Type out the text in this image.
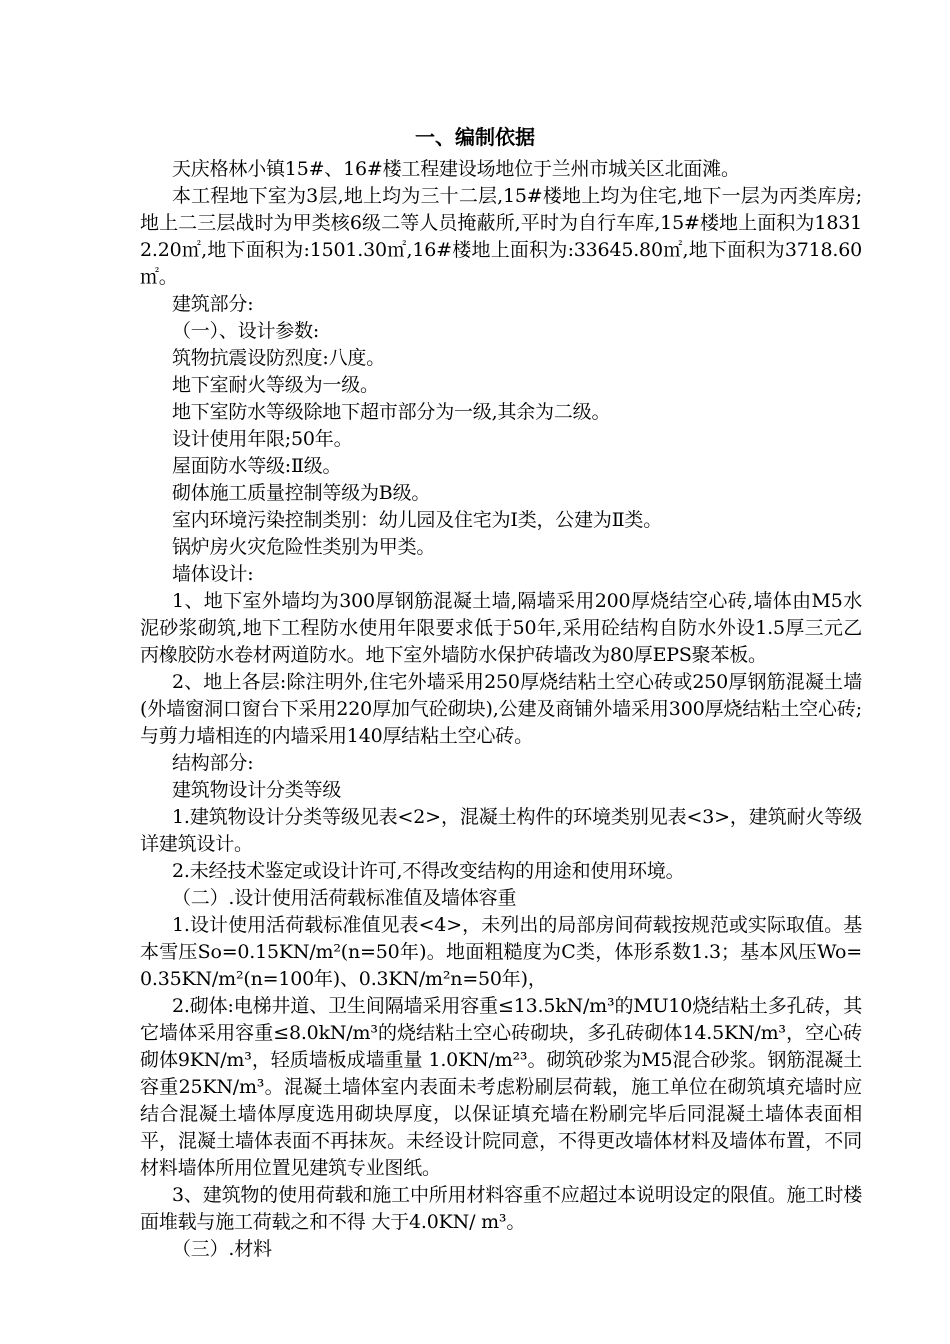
一、编制依据

天庆格林小镇15#、16#楼工程建设场地位于兰州市城关区北面滩。

本工程地下室为3层,地上均为三十二层,15#楼地上均为住宅,地下一层为丙类库房;地上二三层战时为甲类核6级二等人员掩蔽所,平时为自行车库,15#楼地上面积为18312.20㎡,地下面积为:1501.30㎡,16#楼地上面积为:33645.80㎡,地下面积为3718.60㎡。

建筑部分:

（一）、设计参数:

筑物抗震设防烈度:八度。

地下室耐火等级为一级。

地下室防水等级除地下超市部分为一级,其余为二级。

设计使用年限;50年。

屋面防水等级:Ⅱ级。

砌体施工质量控制等级为B级。

室内环境污染控制类别：幼儿园及住宅为Ⅰ类，公建为Ⅱ类。

锅炉房火灾危险性类别为甲类。

墙体设计:

1、地下室外墙均为300厚钢筋混凝土墙,隔墙采用200厚烧结空心砖,墙体由M5水泥砂浆砌筑,地下工程防水使用年限要求低于50年,采用砼结构自防水外设1.5厚三元乙丙橡胶防水卷材两道防水。地下室外墙防水保护砖墙改为80厚EPS聚苯板。

2、地上各层:除注明外,住宅外墙采用250厚烧结粘土空心砖或250厚钢筋混凝土墙(外墙窗洞口窗台下采用220厚加气砼砌块),公建及商铺外墙采用300厚烧结粘土空心砖;与剪力墙相连的内墙采用140厚结粘土空心砖。

结构部分:

建筑物设计分类等级

1.建筑物设计分类等级见表<2>，混凝土构件的环境类别见表<3>，建筑耐火等级详建筑设计。

2.未经技术鉴定或设计许可,不得改变结构的用途和使用环境。

（二）.设计使用活荷载标准值及墙体容重

1.设计使用活荷载标准值见表<4>，未列出的局部房间荷载按规范或实际取值。基本雪压So=0.15KN/m²(n=50年)。地面粗糙度为C类，体形系数1.3；基本风压Wo=0.35KN/m²(n=100年)、0.3KN/m²n=50年)，

2.砌体:电梯井道、卫生间隔墙采用容重≤13.5kN/m³的MU10烧结粘土多孔砖，其它墙体采用容重≤8.0kN/m³的烧结粘土空心砖砌块，多孔砖砌体14.5KN/m³，空心砖砌体9KN/m³，轻质墙板成墙重量 1.0KN/m²³。砌筑砂浆为M5混合砂浆。钢筋混凝土容重25KN/m³。混凝土墙体室内表面未考虑粉刷层荷载，施工单位在砌筑填充墙时应结合混凝土墙体厚度选用砌块厚度，以保证填充墙在粉刷完毕后同混凝土墙体表面相平，混凝土墙体表面不再抹灰。未经设计院同意，不得更改墙体材料及墙体布置，不同材料墙体所用位置见建筑专业图纸。

3、建筑物的使用荷载和施工中所用材料容重不应超过本说明设定的限值。施工时楼面堆载与施工荷载之和不得 大于4.0KN/ m³。

（三）.材料
